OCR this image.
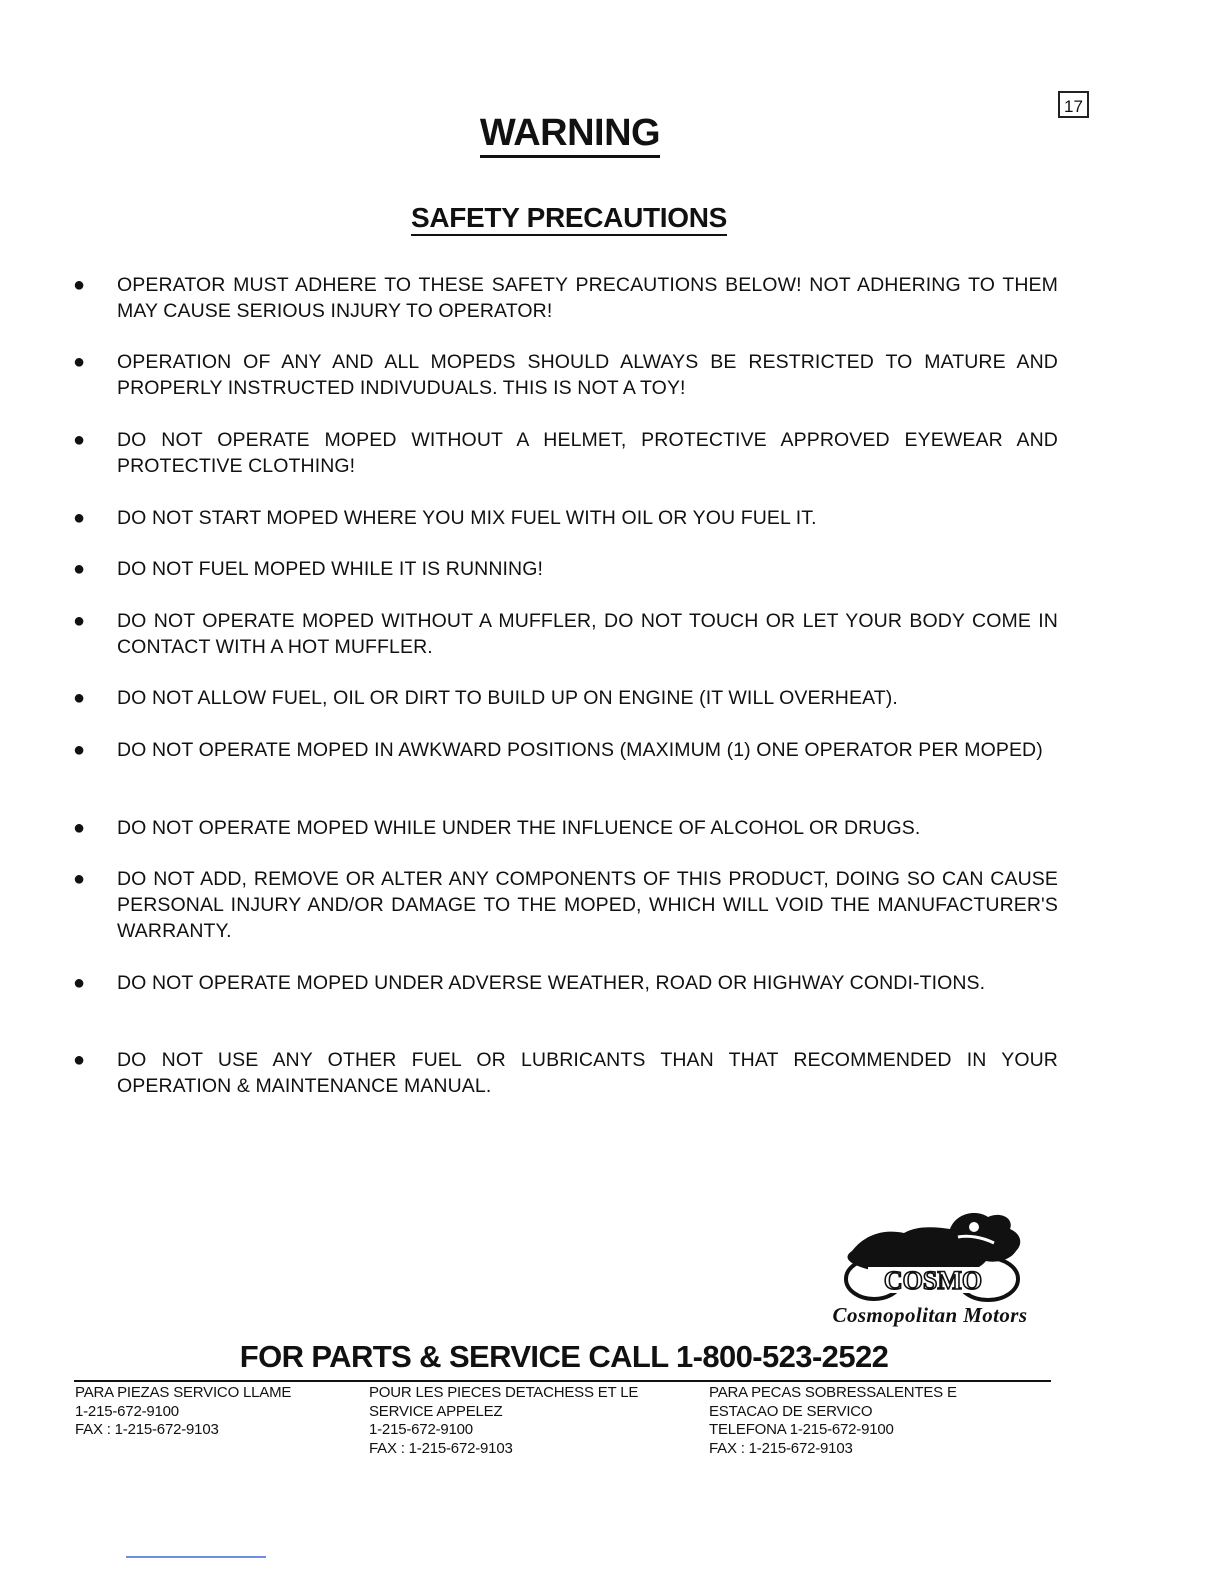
17
WARNING
SAFETY PRECAUTIONS
●	OPERATOR MUST ADHERE TO THESE SAFETY PRECAUTIONS BELOW! NOT ADHERING TO THEM MAY CAUSE SERIOUS INJURY TO OPERATOR!
●	OPERATION OF ANY AND ALL MOPEDS SHOULD ALWAYS BE RESTRICTED TO MATURE AND PROPERLY INSTRUCTED INDIVUDUALS. THIS IS NOT A TOY!
●	DO NOT OPERATE MOPED WITHOUT A HELMET, PROTECTIVE APPROVED EYEWEAR AND PROTECTIVE CLOTHING!
●	DO NOT START MOPED WHERE YOU MIX FUEL WITH OIL OR YOU FUEL IT.
●	DO NOT FUEL MOPED WHILE IT IS RUNNING!
●	DO NOT OPERATE MOPED WITHOUT A MUFFLER, DO NOT TOUCH OR LET YOUR BODY COME IN CONTACT WITH A HOT MUFFLER.
●	DO NOT ALLOW FUEL, OIL OR DIRT TO BUILD UP ON ENGINE (IT WILL OVERHEAT).
●	DO NOT OPERATE MOPED IN AWKWARD POSITIONS (MAXIMUM (1) ONE OPERATOR PER MOPED)
●	DO NOT OPERATE MOPED WHILE UNDER THE INFLUENCE OF ALCOHOL OR DRUGS.
●	DO NOT ADD, REMOVE OR ALTER ANY COMPONENTS OF THIS PRODUCT, DOING SO CAN CAUSE PERSONAL INJURY AND/OR DAMAGE TO THE MOPED, WHICH WILL VOID THE MANUFACTURER'S WARRANTY.
●	DO NOT OPERATE MOPED UNDER ADVERSE WEATHER, ROAD OR HIGHWAY CONDI-TIONS.
●	DO NOT USE ANY OTHER FUEL OR LUBRICANTS THAN THAT RECOMMENDED IN YOUR OPERATION & MAINTENANCE MANUAL.
COSMO
Cosmopolitan Motors
FOR PARTS & SERVICE CALL 1-800-523-2522
PARA PIEZAS SERVICO LLAME
1-215-672-9100
FAX : 1-215-672-9103
POUR LES PIECES DETACHESS ET LE
SERVICE APPELEZ
1-215-672-9100
FAX : 1-215-672-9103
PARA PECAS SOBRESSALENTES E
ESTACAO DE SERVICO
TELEFONA 1-215-672-9100
FAX : 1-215-672-9103
